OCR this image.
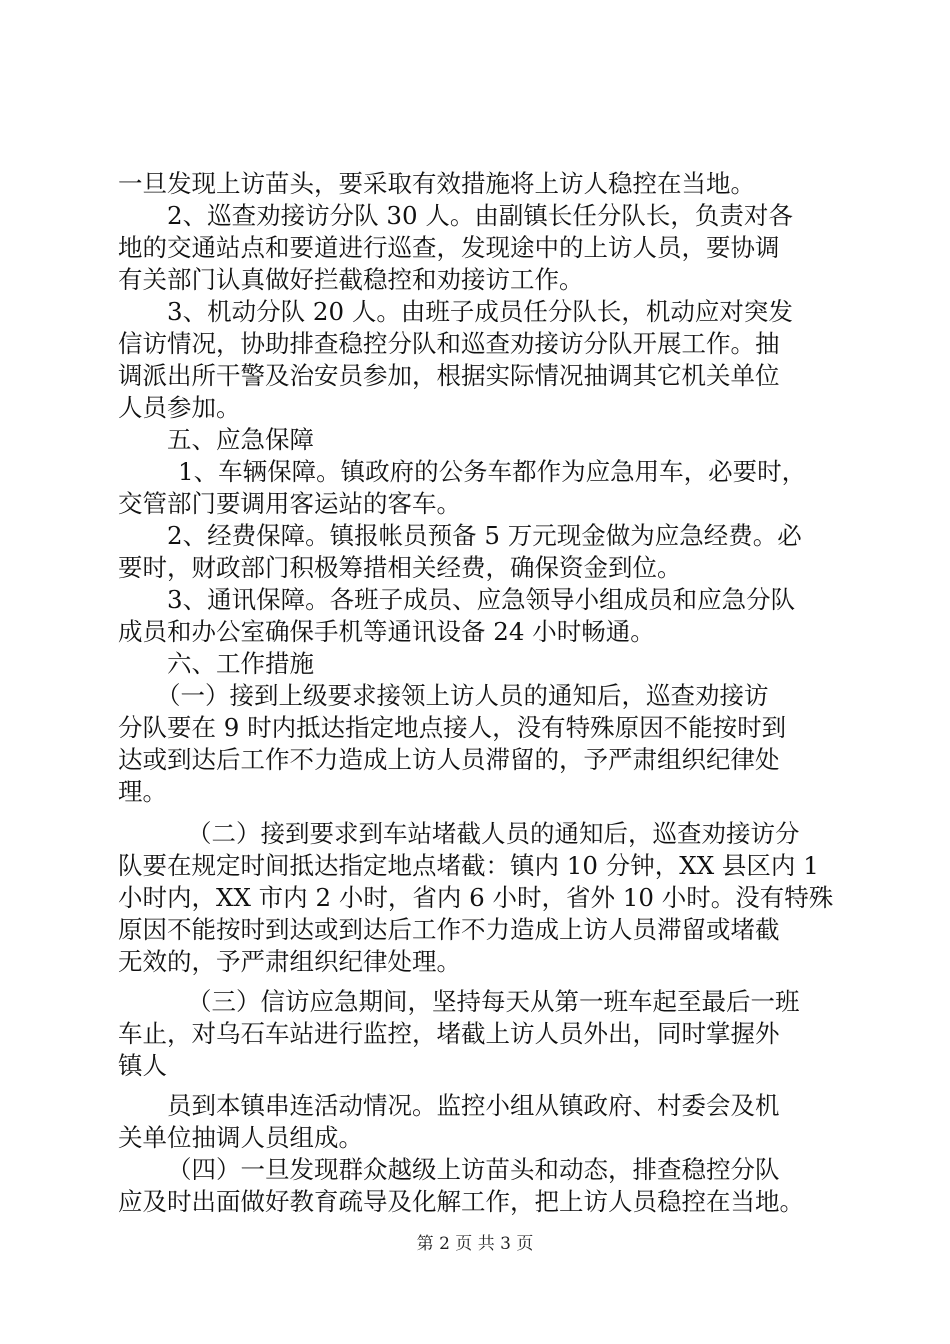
一旦发现上访苗头，要采取有效措施将上访人稳控在当地。
2、巡查劝接访分队 30 人。由副镇长任分队长，负责对各
地的交通站点和要道进行巡查，发现途中的上访人员，要协调
有关部门认真做好拦截稳控和劝接访工作。
3、机动分队 20 人。由班子成员任分队长，机动应对突发
信访情况，协助排查稳控分队和巡查劝接访分队开展工作。抽
调派出所干警及治安员参加，根据实际情况抽调其它机关单位
人员参加。
五、应急保障
1、车辆保障。镇政府的公务车都作为应急用车，必要时，
交管部门要调用客运站的客车。
2、经费保障。镇报帐员预备 5 万元现金做为应急经费。必
要时，财政部门积极筹措相关经费，确保资金到位。
3、通讯保障。各班子成员、应急领导小组成员和应急分队
成员和办公室确保手机等通讯设备 24 小时畅通。
六、工作措施
（一）接到上级要求接领上访人员的通知后，巡查劝接访
分队要在 9 时内抵达指定地点接人，没有特殊原因不能按时到
达或到达后工作不力造成上访人员滞留的，予严肃组织纪律处
理。
（二）接到要求到车站堵截人员的通知后，巡查劝接访分
队要在规定时间抵达指定地点堵截：镇内 10 分钟，XX 县区内 1
小时内，XX 市内 2 小时，省内 6 小时，省外 10 小时。没有特殊
原因不能按时到达或到达后工作不力造成上访人员滞留或堵截
无效的，予严肃组织纪律处理。
（三）信访应急期间，坚持每天从第一班车起至最后一班
车止，对乌石车站进行监控，堵截上访人员外出，同时掌握外
镇人
员到本镇串连活动情况。监控小组从镇政府、村委会及机
关单位抽调人员组成。
（四）一旦发现群众越级上访苗头和动态，排查稳控分队
应及时出面做好教育疏导及化解工作，把上访人员稳控在当地。
第 2 页 共 3 页
